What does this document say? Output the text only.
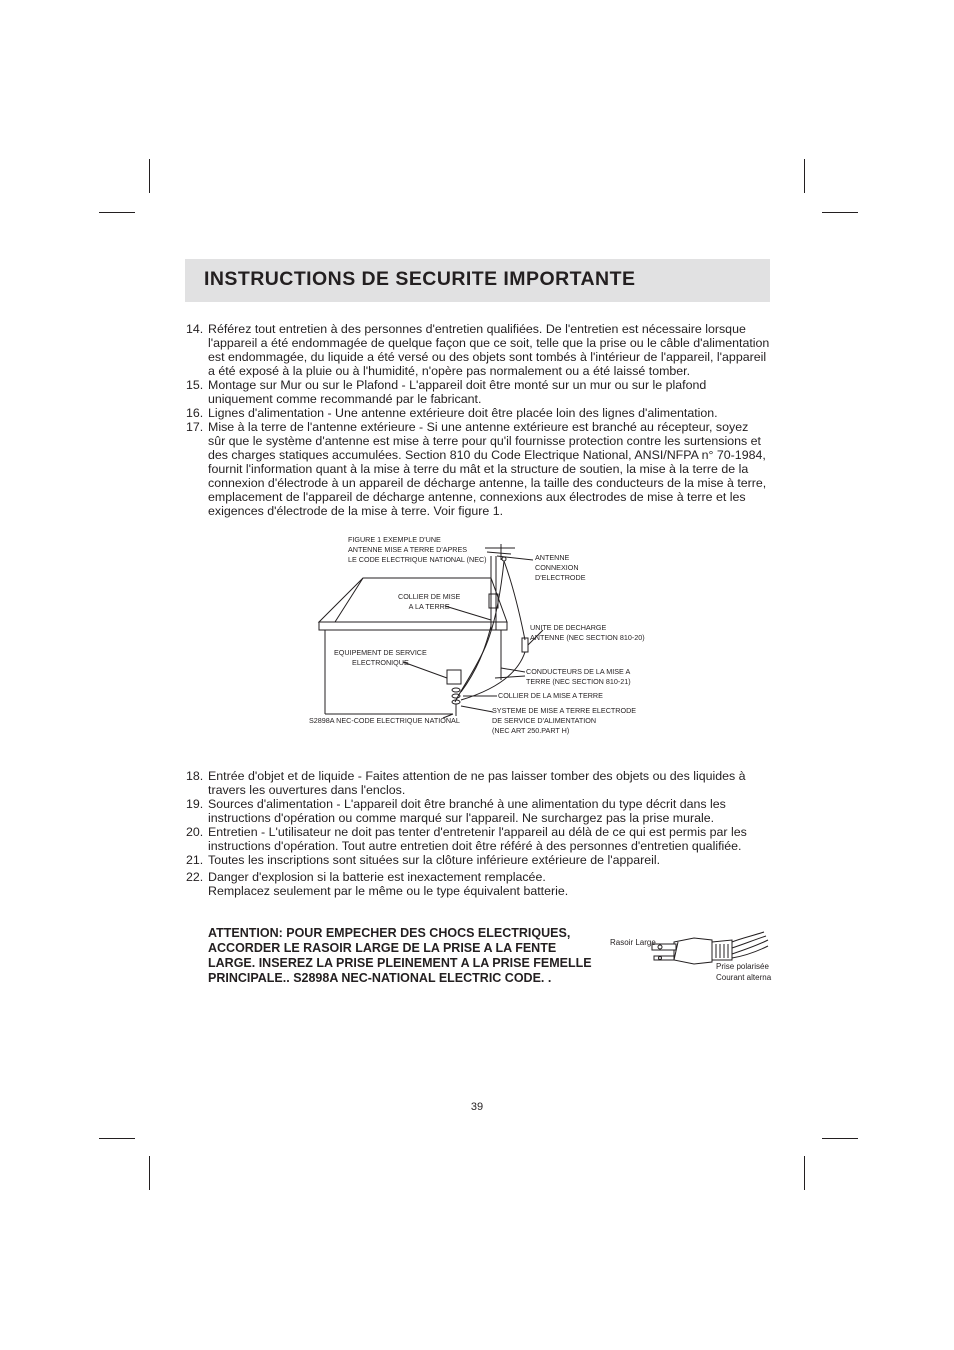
INSTRUCTIONS DE SECURITE IMPORTANTE
14. Référez tout entretien à des personnes d'entretien qualifiées. De l'entretien est nécessaire lorsque
l'appareil a été endommagée de quelque façon que ce soit, telle que la prise ou le câble d'alimentation
est endommagée, du liquide a été versé ou des objets sont tombés à l'intérieur de l'appareil, l'appareil
a été exposé à la pluie ou à l'humidité, n'opère pas normalement ou a été laissé tomber.
15. Montage sur Mur ou sur le Plafond - L'appareil doit être monté sur un mur ou sur le plafond
uniquement comme recommandé par le fabricant.
16. Lignes d'alimentation - Une antenne extérieure doit être placée loin des lignes d'alimentation.
17. Mise à la terre de l'antenne extérieure - Si une antenne extérieure est branché au récepteur, soyez
sûr que le système d'antenne est mise à terre pour qu'il fournisse protection contre les surtensions et
des charges statiques accumulées. Section 810 du Code Electrique National, ANSI/NFPA n° 70-1984,
fournit l'information quant à la mise à terre du mât et la structure de soutien, la mise à la terre de la
connexion d'électrode à un appareil de décharge antenne, la taille des conducteurs de la mise à terre,
emplacement de l'appareil de décharge antenne, connexions aux électrodes de mise à terre et les
exigences d'électrode de la mise à terre. Voir figure 1.
FIGURE 1 EXEMPLE D'UNE
ANTENNE MISE A TERRE D'APRES
LE CODE ELECTRIQUE NATIONAL (NEC)	ANTENNE
CONNEXION
D'ELECTRODE
COLLIER DE MISE
A LA TERRE
UNITE DE DECHARGE
ANTENNE (NEC SECTION 810-20)
EQUIPEMENT DE SERVICE
ELECTRONIQUE
CONDUCTEURS DE LA MISE A
TERRE (NEC SECTION 810-21)
COLLIER DE LA MISE A TERRE
SYSTEME DE MISE A TERRE ELECTRODE
DE SERVICE D'ALIMENTATION
(NEC ART 250.PART H)
S2898A NEC-CODE ELECTRIQUE NATIONAL
18. Entrée d'objet et de liquide - Faites attention de ne pas laisser tomber des objets ou des liquides à
travers les ouvertures dans l'enclos.
19. Sources d'alimentation - L'appareil doit être branché à une alimentation du type décrit dans les
instructions d'opération ou comme marqué sur l'appareil. Ne surchargez pas la prise murale.
20. Entretien - L'utilisateur ne doit pas tenter d'entretenir l'appareil au délà de ce qui est permis par les
instructions d'opération. Tout autre entretien doit être référé à des personnes d'entretien qualifiée.
21. Toutes les inscriptions sont situées sur la clôture inférieure extérieure de l'appareil.
22. Danger d'explosion si la batterie est inexactement remplacée.
Remplacez seulement par le même ou le type équivalent batterie.
ATTENTION: POUR EMPECHER DES CHOCS ELECTRIQUES,
ACCORDER LE RASOIR LARGE DE LA PRISE A LA FENTE
LARGE. INSEREZ LA PRISE PLEINEMENT A LA PRISE FEMELLE
PRINCIPALE.. S2898A NEC-NATIONAL ELECTRIC CODE. .
Rasoir Large
Prise polarisée
Courant alterna
39
